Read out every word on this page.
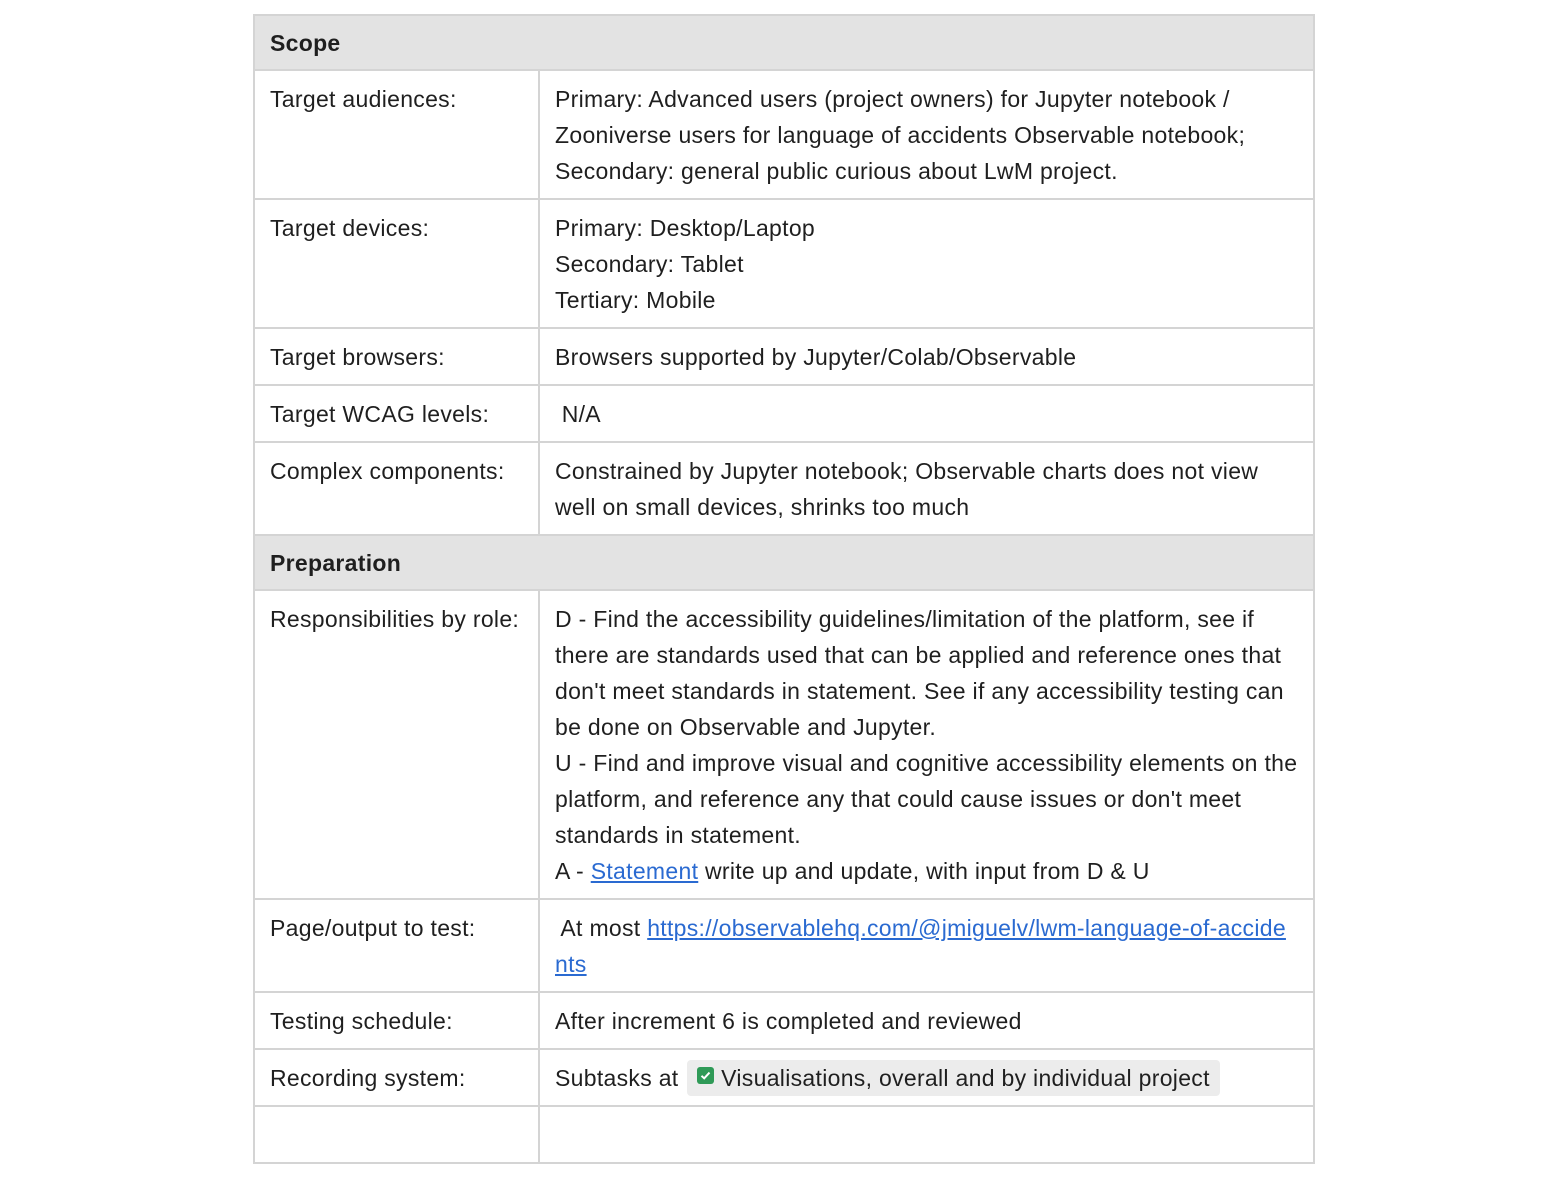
Scope	
Target audiences:	Primary: Advanced users (project owners) for Jupyter notebook / Zooniverse users for language of accidents Observable notebook;
Secondary: general public curious about LwM project.

Target devices:	Primary: Desktop/Laptop
Secondary: Tablet
Tertiary: Mobile

Target browsers:	Browsers supported by Jupyter/Colab/Observable

Target WCAG levels:	N/A

Complex components:	Constrained by Jupyter notebook; Observable charts does not view well on small devices, shrinks too much

Preparation	
Responsibilities by role:	D - Find the accessibility guidelines/limitation of the platform, see if there are standards used that can be applied and reference ones that don't meet standards in statement. See if any accessibility testing can be done on Observable and Jupyter.
U - Find and improve visual and cognitive accessibility elements on the platform, and reference any that could cause issues or don't meet standards in statement.
A - Statement write up and update, with input from D & U

Page/output to test:	At most https://observablehq.com/@jmiguelv/lwm-language-of-accidents
Testing schedule:	After increment 6 is completed and reviewed
Recording system:	Subtasks at
Visualisations, overall and by individual project
